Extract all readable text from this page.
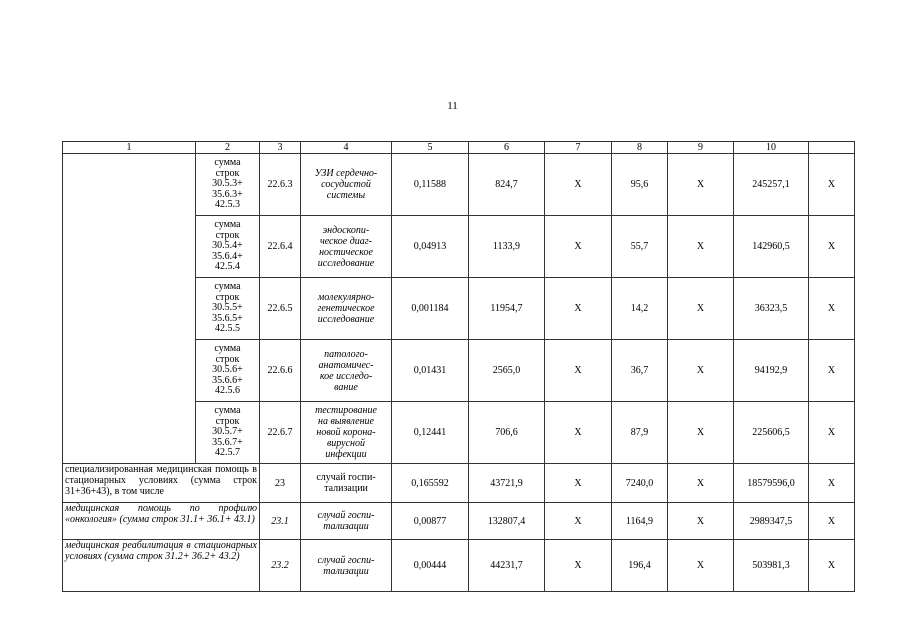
11
1	2	3	4	5	6	7	8	9	10	
	сумма
строк
30.5.3+
35.6.3+
42.5.3	22.6.3	УЗИ сердечно-
сосудистой
системы	0,11588	824,7	Х	95,6	Х	245257,1	Х
	сумма
строк
30.5.4+
35.6.4+
42.5.4	22.6.4	эндоскопи-
ческое диаг-
ностическое
исследование	0,04913	1133,9	Х	55,7	Х	142960,5	Х
	сумма
строк
30.5.5+
35.6.5+
42.5.5	22.6.5	молекулярно-
генетическое
исследование	0,001184	11954,7	Х	14,2	Х	36323,5	Х
	сумма
строк
30.5.6+
35.6.6+
42.5.6	22.6.6	патолого-
анатомичес-
кое исследо-
вание	0,01431	2565,0	Х	36,7	Х	94192,9	Х
	сумма
строк
30.5.7+
35.6.7+
42.5.7	22.6.7	тестирование
на выявление
новой корона-
вирусной
инфекции	0,12441	706,6	Х	87,9	Х	225606,5	Х
специализированная медицинская помощь в стационарных условиях (сумма строк 31+36+43), в том числе		23	случай госпи-
тализации	0,165592	43721,9	Х	7240,0	Х	18579596,0	Х
медицинская помощь по профилю «онкология» (сумма строк 31.1+ 36.1+ 43.1)		23.1	случай госпи-
тализации	0,00877	132807,4	Х	1164,9	Х	2989347,5	Х
медицинская реабилитация в стационарных условиях (сумма строк 31.2+ 36.2+ 43.2)		23.2	случай госпи-
тализации	0,00444	44231,7	Х	196,4	Х	503981,3	Х
